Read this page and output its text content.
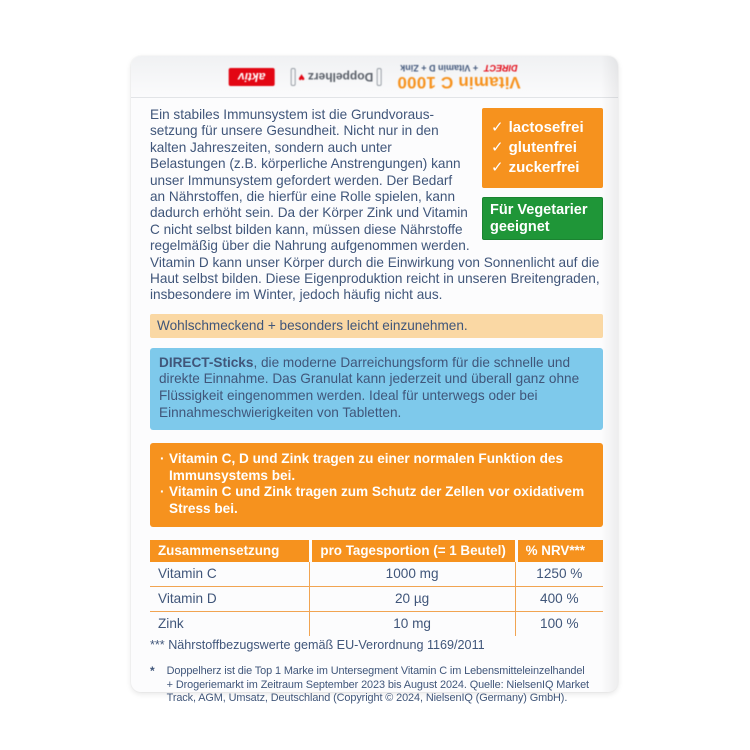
Vitamin C 1000
DIRECT
+ Vitamin D + Zink
Doppelherz
♥
aktiv
✓ lactosefrei
✓ glutenfrei
✓ zuckerfrei
Für Vegetarier geeignet
Ein stabiles Immunsystem ist die Grundvoraussetzung für unsere Gesundheit. Nicht nur in den kalten Jahreszeiten, sondern auch unter Belastungen (z.B. körperliche Anstrengungen) kann unser Immunsystem gefordert werden. Der Bedarf an Nährstoffen, die hierfür eine Rolle spielen, kann dadurch erhöht sein. Da der Körper Zink und Vitamin C nicht selbst bilden kann, müssen diese Nährstoffe regelmäßig über die Nahrung aufgenommen werden. Vitamin D kann unser Körper durch die Einwirkung von Sonnenlicht auf die Haut selbst bilden. Diese Eigenproduktion reicht in unseren Breitengraden, insbesondere im Winter, jedoch häufig nicht aus.
Wohlschmeckend + besonders leicht einzunehmen.
DIRECT-Sticks, die moderne Darreichungsform für die schnelle und direkte Einnahme. Das Granulat kann jederzeit und überall ganz ohne Flüssigkeit eingenommen werden. Ideal für unterwegs oder bei Einnahmeschwierigkeiten von Tabletten.
· Vitamin C, D und Zink tragen zu einer normalen Funktion des Immunsystems bei.
· Vitamin C und Zink tragen zum Schutz der Zellen vor oxidativem Stress bei.
Zusammensetzung	pro Tagesportion (= 1 Beutel)	% NRV***
Vitamin C	1000 mg	1250 %
Vitamin D	20 µg	400 %
Zink	10 mg	100 %
*** Nährstoffbezugswerte gemäß EU-Verordnung 1169/2011
* Doppelherz ist die Top 1 Marke im Untersegment Vitamin C im Lebensmitteleinzelhandel + Drogeriemarkt im Zeitraum September 2023 bis August 2024. Quelle: NielsenIQ Market Track, AGM, Umsatz, Deutschland (Copyright © 2024, NielsenIQ (Germany) GmbH).
